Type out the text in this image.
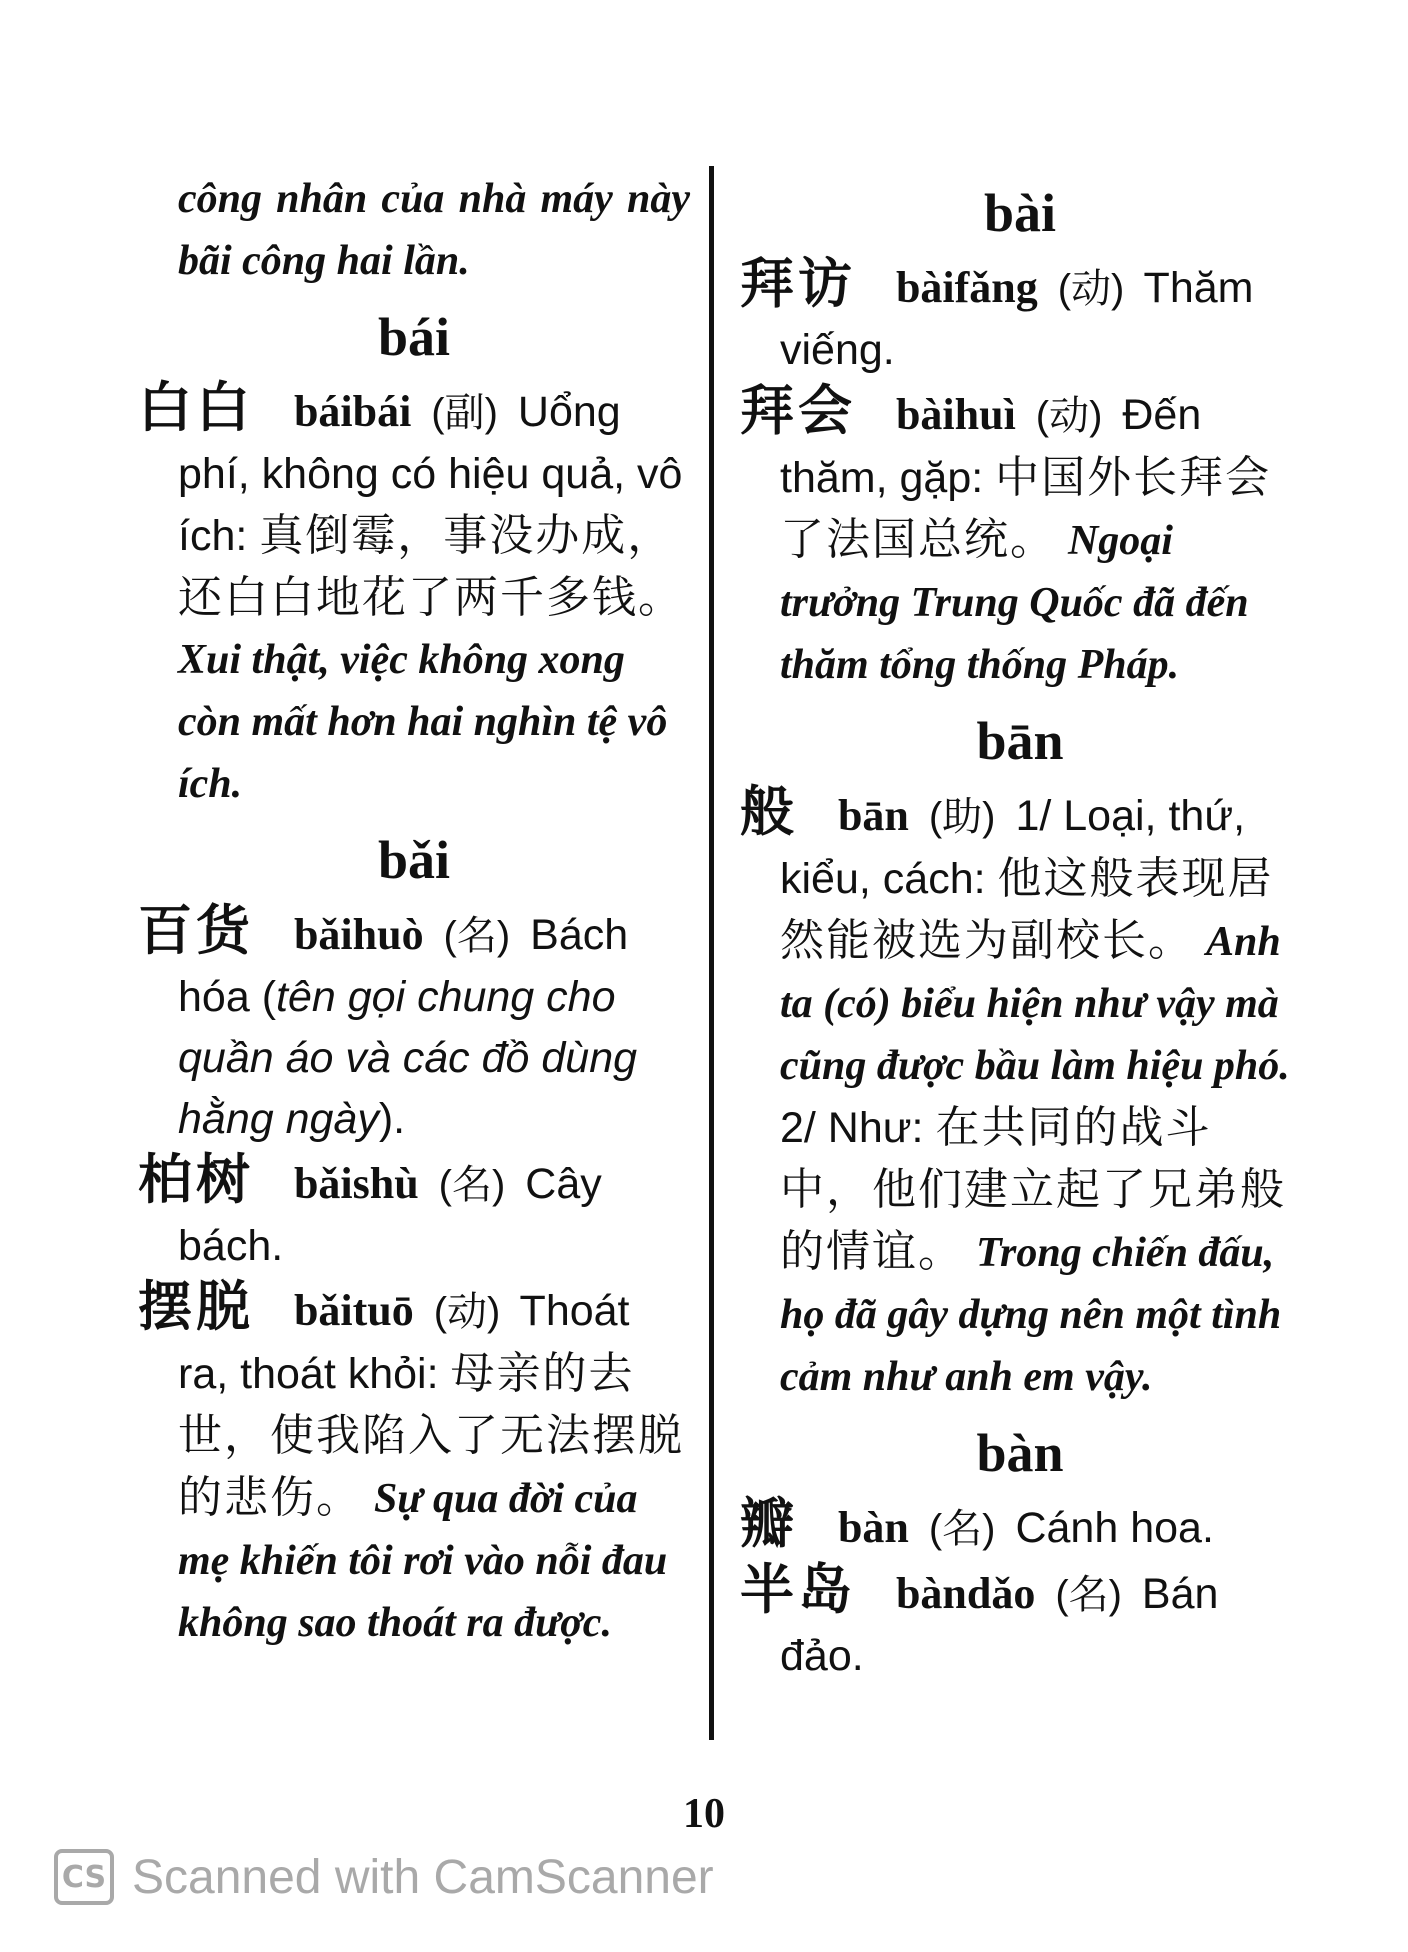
công nhân của nhà máy này bãi công hai lần.

bái

白白 báibái (副) Uổng phí, không có hiệu quả, vô ích: 真倒霉，事没办成，还白白地花了两千多钱。 Xui thật, việc không xong còn mất hơn hai nghìn tệ vô ích.

bǎi

百货 bǎihuò (名) Bách hóa (tên gọi chung cho quần áo và các đồ dùng hằng ngày).

柏树 bǎishù (名) Cây bách.

摆脱 bǎituō (动) Thoát ra, thoát khỏi: 母亲的去世，使我陷入了无法摆脱的悲伤。 Sự qua đời của mẹ khiến tôi rơi vào nỗi đau không sao thoát ra được.

bài

拜访 bàifǎng (动) Thăm viếng.

拜会 bàihuì (动) Đến thăm, gặp: 中国外长拜会了法国总统。 Ngoại trưởng Trung Quốc đã đến thăm tổng thống Pháp.

bān

般 bān (助) 1/ Loại, thứ, kiểu, cách: 他这般表现居然能被选为副校长。 Anh ta (có) biểu hiện như vậy mà cũng được bầu làm hiệu phó. 2/ Như: 在共同的战斗中，他们建立起了兄弟般的情谊。 Trong chiến đấu, họ đã gây dựng nên một tình cảm như anh em vậy.

bàn

瓣 bàn (名) Cánh hoa.

半岛 bàndǎo (名) Bán đảo.

10
CS Scanned with CamScanner
